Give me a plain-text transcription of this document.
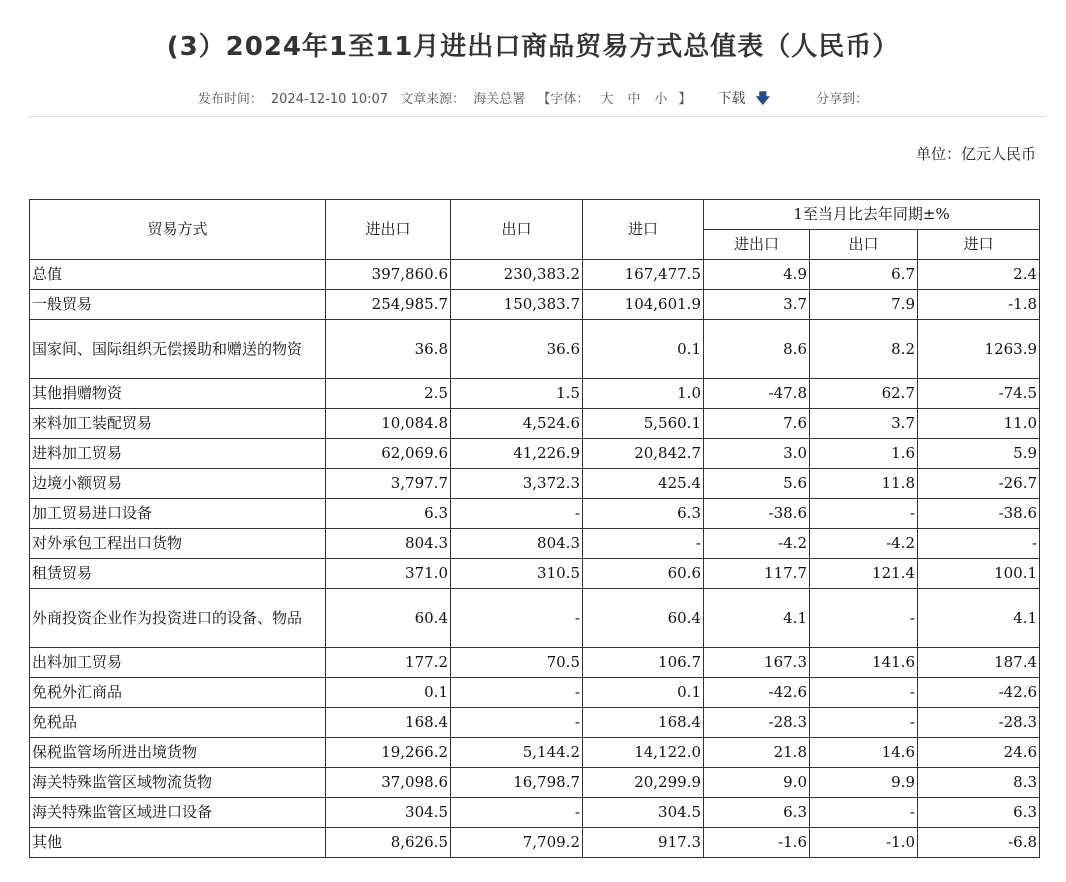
(3）2024年1至11月进出口商品贸易方式总值表（人民币）
发布时间： 2024-12-10 10:07 文章来源： 海关总署 【字体： 大 中 小 】 下载 🡇	分享到：
单位：亿元人民币
贸易方式	进出口	出口	进口	1至当月比去年同期±%		
				进出口	出口	进口
总值	397,860.6	230,383.2	167,477.5	4.9	6.7	2.4
一般贸易	254,985.7	150,383.7	104,601.9	3.7	7.9	-1.8
国家间、国际组织无偿援助和赠送的物资	36.8	36.6	0.1	8.6	8.2	1263.9
其他捐赠物资	2.5	1.5	1.0	-47.8	62.7	-74.5
来料加工装配贸易	10,084.8	4,524.6	5,560.1	7.6	3.7	11.0
进料加工贸易	62,069.6	41,226.9	20,842.7	3.0	1.6	5.9
边境小额贸易	3,797.7	3,372.3	425.4	5.6	11.8	-26.7
加工贸易进口设备	6.3	-	6.3	-38.6	-	-38.6
对外承包工程出口货物	804.3	804.3	-	-4.2	-4.2	-
租赁贸易	371.0	310.5	60.6	117.7	121.4	100.1
外商投资企业作为投资进口的设备、物品	60.4	-	60.4	4.1	-	4.1
出料加工贸易	177.2	70.5	106.7	167.3	141.6	187.4
免税外汇商品	0.1	-	0.1	-42.6	-	-42.6
免税品	168.4	-	168.4	-28.3	-	-28.3
保税监管场所进出境货物	19,266.2	5,144.2	14,122.0	21.8	14.6	24.6
海关特殊监管区域物流货物	37,098.6	16,798.7	20,299.9	9.0	9.9	8.3
海关特殊监管区域进口设备	304.5	-	304.5	6.3	-	6.3
其他	8,626.5	7,709.2	917.3	-1.6	-1.0	-6.8
